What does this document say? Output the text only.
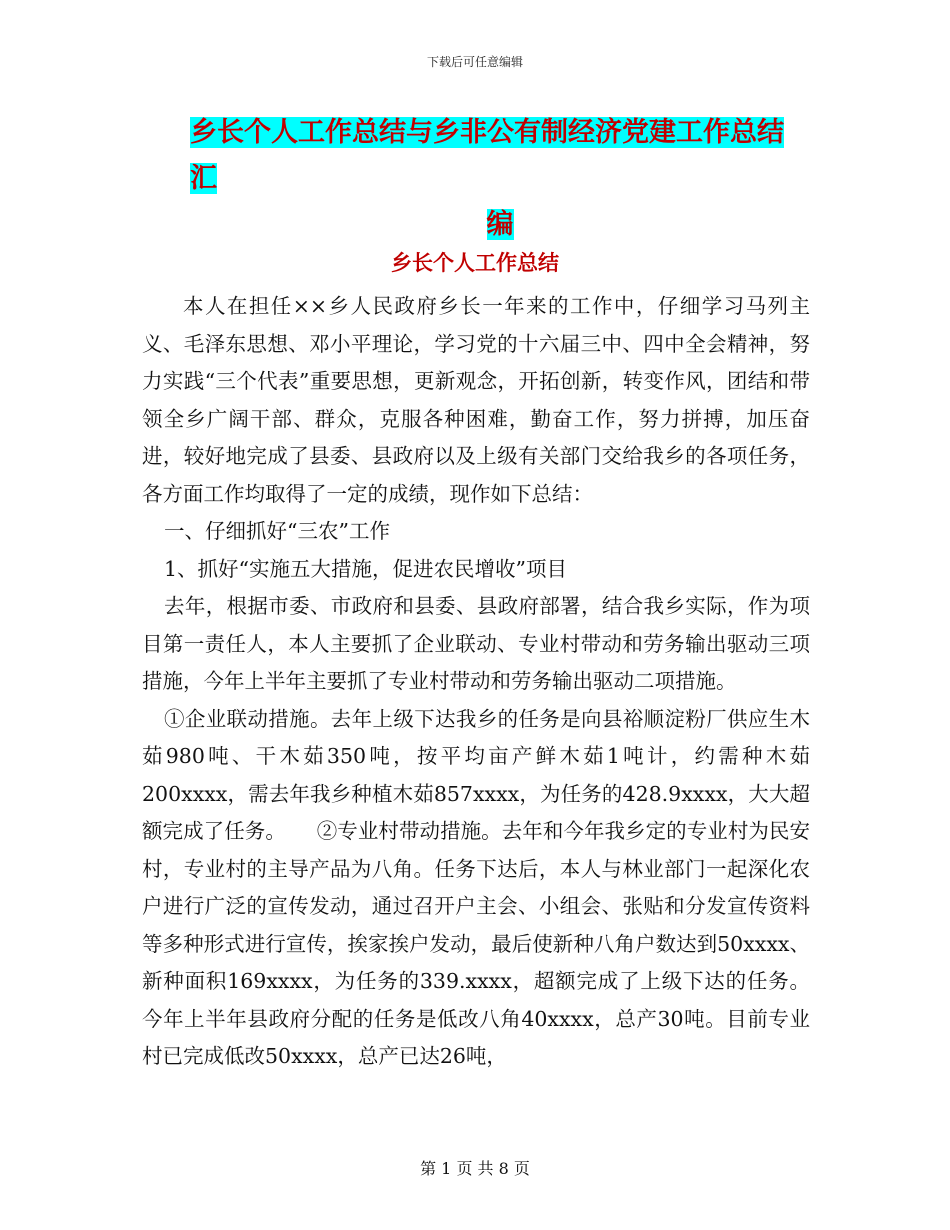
下载后可任意编辑
乡长个人工作总结与乡非公有制经济党建工作总结汇
编
乡长个人工作总结

本人在担任××乡人民政府乡长一年来的工作中，仔细学习马列主义、毛泽东思想、邓小平理论，学习党的十六届三中、四中全会精神，努力实践“三个代表”重要思想，更新观念，开拓创新，转变作风，团结和带领全乡广阔干部、群众，克服各种困难，勤奋工作，努力拼搏，加压奋进，较好地完成了县委、县政府以及上级有关部门交给我乡的各项任务，各方面工作均取得了一定的成绩，现作如下总结：

一、仔细抓好“三农”工作

1、抓好“实施五大措施，促进农民增收”项目

去年，根据市委、市政府和县委、县政府部署，结合我乡实际，作为项目第一责任人，本人主要抓了企业联动、专业村带动和劳务输出驱动三项措施，今年上半年主要抓了专业村带动和劳务输出驱动二项措施。

①企业联动措施。去年上级下达我乡的任务是向县裕顺淀粉厂供应生木茹980吨、干木茹350吨，按平均亩产鲜木茹1吨计，约需种木茹200xxxx，需去年我乡种植木茹857xxxx，为任务的428.9xxxx，大大超额完成了任务。　　②专业村带动措施。去年和今年我乡定的专业村为民安村，专业村的主导产品为八角。任务下达后，本人与林业部门一起深化农户进行广泛的宣传发动，通过召开户主会、小组会、张贴和分发宣传资料等多种形式进行宣传，挨家挨户发动，最后使新种八角户数达到50xxxx、新种面积169xxxx，为任务的339.xxxx，超额完成了上级下达的任务。今年上半年县政府分配的任务是低改八角40xxxx，总产30吨。目前专业村已完成低改50xxxx，总产已达26吨，

第 1 页 共 8 页
